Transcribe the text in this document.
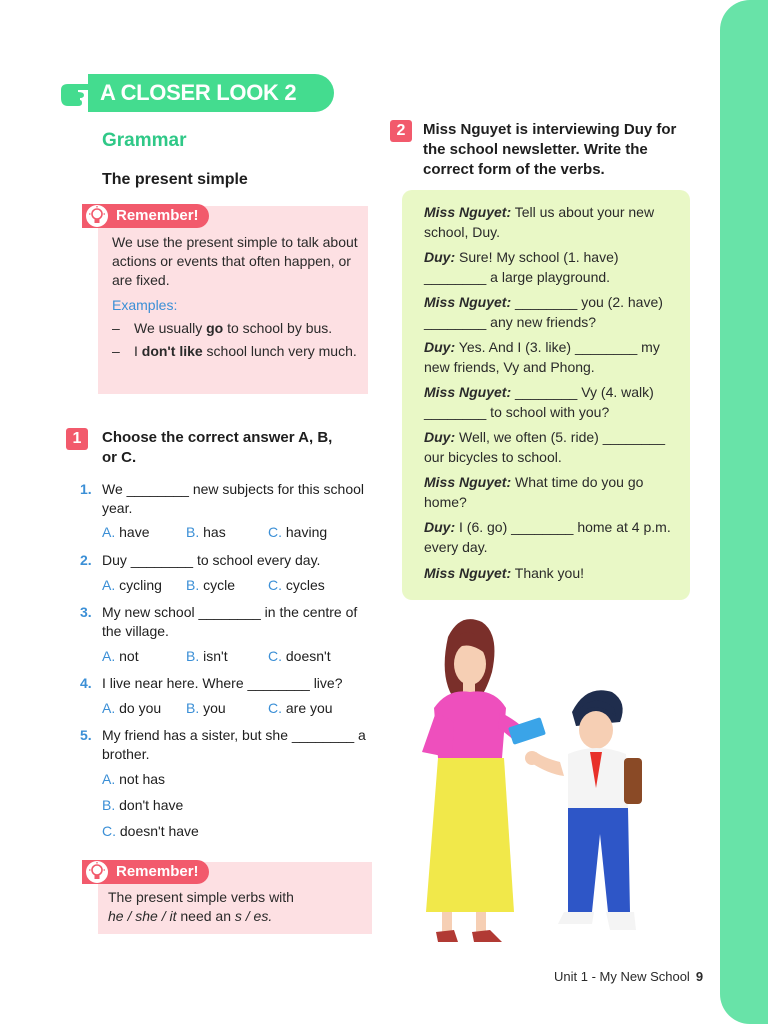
A CLOSER LOOK 2
Grammar
The present simple
Remember!

We use the present simple to talk about actions or events that often happen, or are fixed.

Examples:
– We usually go to school by bus.
– I don't like school lunch very much.
1	Choose the correct answer A, B, or C.
1. We ________ new subjects for this school year.
A. have	B. has	C. having
2. Duy ________ to school every day.
A. cycling B. cycle C. cycles
3. My new school ________ in the centre of the village.
A. not	B. isn't	C. doesn't
4. I live near here. Where ________ live?
A. do you B. you	C. are you
5. My friend has a sister, but she ________ a brother.
A. not has
B. don't have
C. doesn't have
Remember!

The present simple verbs with

he / she / it need an s / es.

2	Miss Nguyet is interviewing Duy for the school newsletter. Write the correct form of the verbs.
Miss Nguyet: Tell us about your new school, Duy.
Duy: Sure! My school (1. have) ________ a large playground.
Miss Nguyet: ________ you (2. have) ________ any new friends?
Duy: Yes. And I (3. like) ________ my new friends, Vy and Phong.
Miss Nguyet: ________ Vy (4. walk) ________ to school with you?
Duy: Well, we often (5. ride) ________ our bicycles to school.
Miss Nguyet: What time do you go home?
Duy: I (6. go) ________ home at 4 p.m. every day.
Miss Nguyet: Thank you!
Unit 1 - My New School 9
